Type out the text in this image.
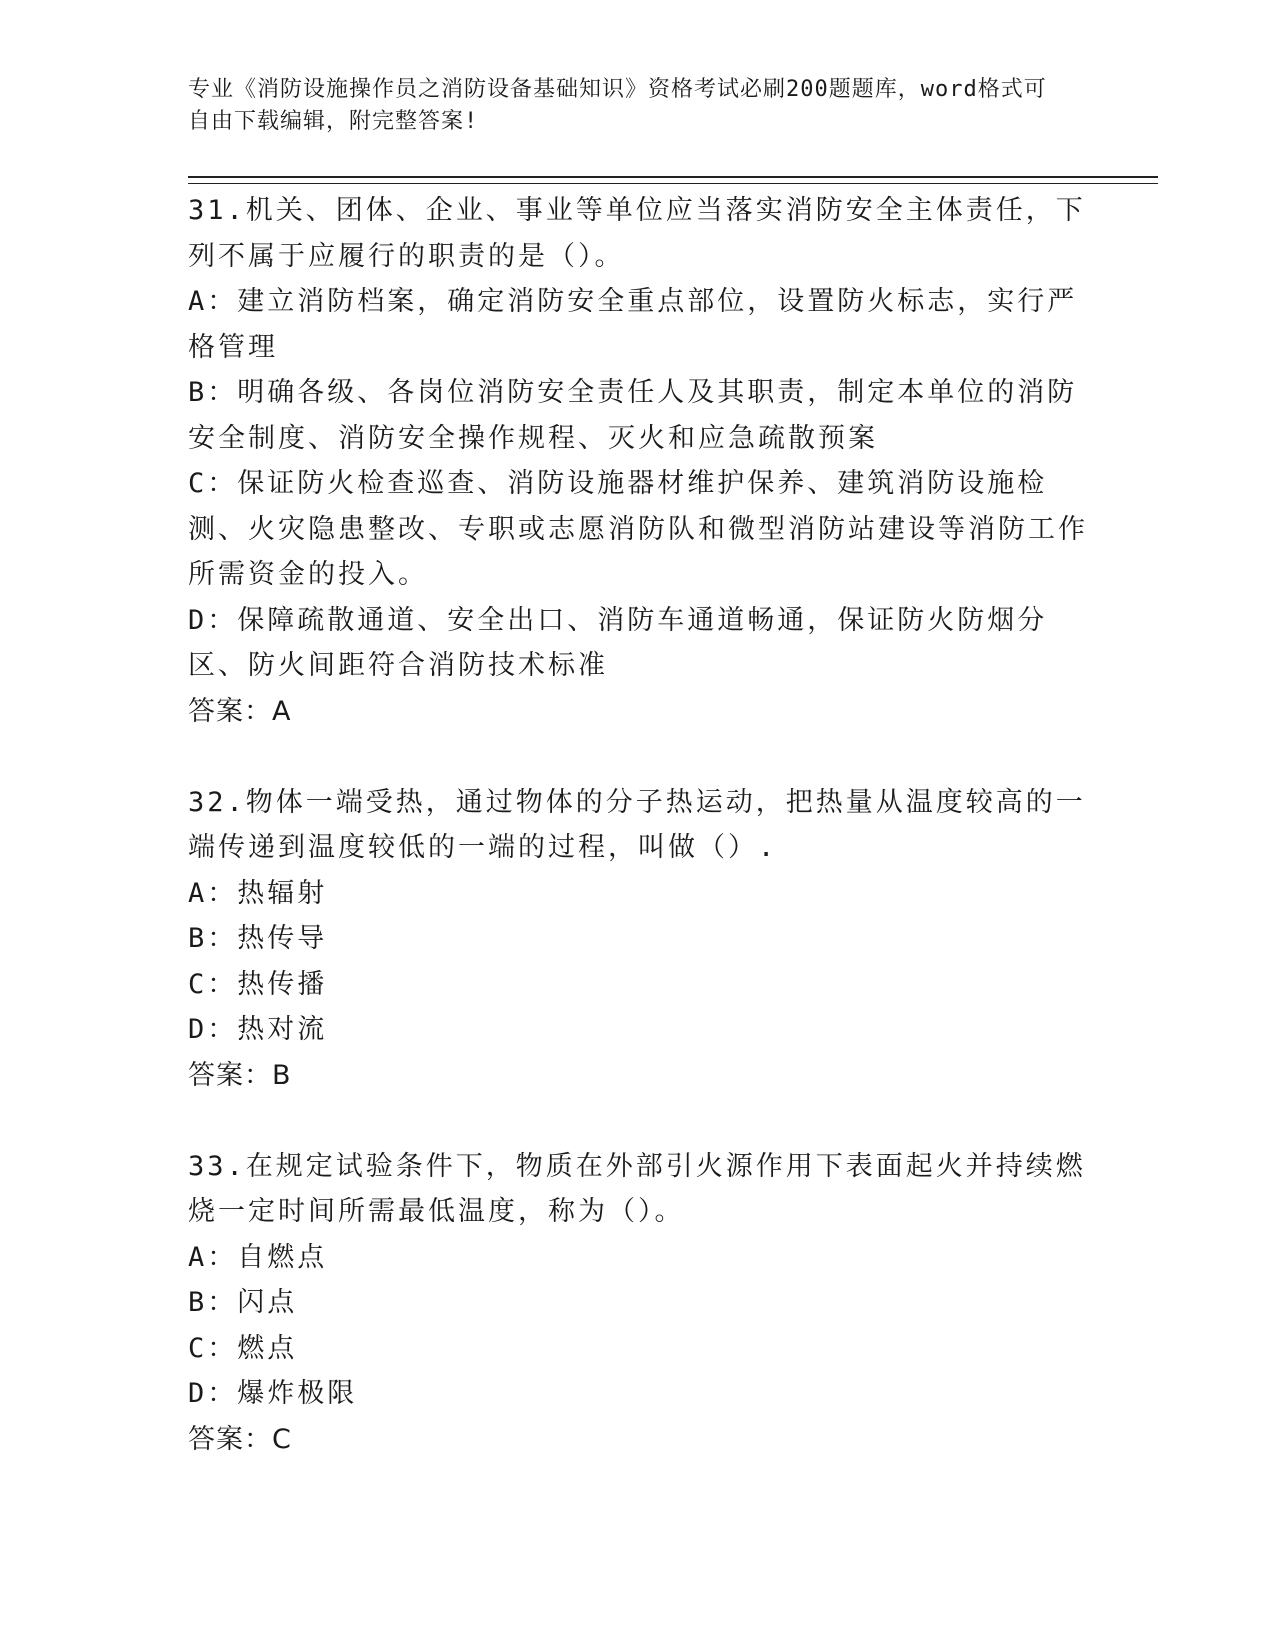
专业《消防设施操作员之消防设备基础知识》资格考试必刷200题题库，word格式可自由下载编辑，附完整答案!

31.机关、团体、企业、事业等单位应当落实消防安全主体责任，下列不属于应履行的职责的是（）。

A：建立消防档案，确定消防安全重点部位，设置防火标志，实行严格管理

B：明确各级、各岗位消防安全责任人及其职责，制定本单位的消防安全制度、消防安全操作规程、灭火和应急疏散预案

C：保证防火检查巡查、消防设施器材维护保养、建筑消防设施检测、火灾隐患整改、专职或志愿消防队和微型消防站建设等消防工作所需资金的投入。

D：保障疏散通道、安全出口、消防车通道畅通，保证防火防烟分区、防火间距符合消防技术标准

答案：A

32.物体一端受热，通过物体的分子热运动，把热量从温度较高的一端传递到温度较低的一端的过程，叫做（）.

A：热辐射

B：热传导

C：热传播

D：热对流

答案：B

33.在规定试验条件下，物质在外部引火源作用下表面起火并持续燃烧一定时间所需最低温度，称为（）。

A：自燃点

B：闪点

C：燃点

D：爆炸极限

答案：C
